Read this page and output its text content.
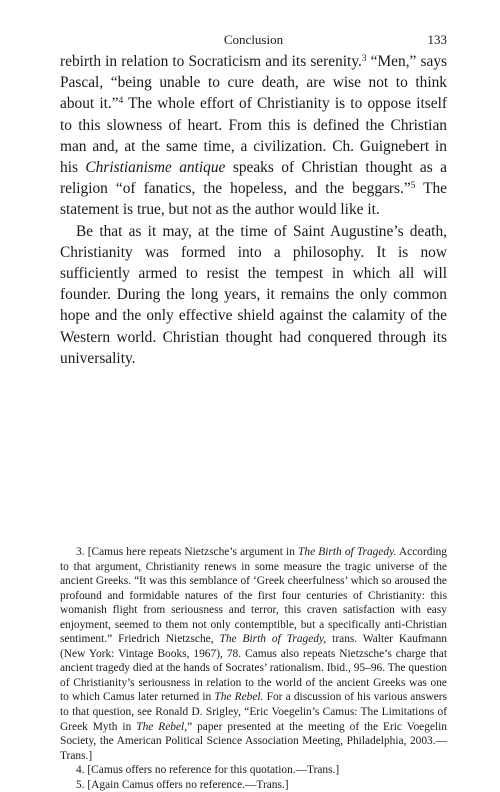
Conclusion	133

rebirth in relation to Socraticism and its serenity.$^3$ “Men,” says Pascal, “being unable to cure death, are wise not to think about it.”$^4$ The whole effort of Christianity is to oppose itself to this slowness of heart. From this is defined the Christian man and, at the same time, a civilization. Ch. Guignebert in his Christianisme antique speaks of Christian thought as a religion “of fanatics, the hopeless, and the beggars.”$^5$ The statement is true, but not as the author would like it.

Be that as it may, at the time of Saint Augustine’s death, Christianity was formed into a philosophy. It is now sufficiently armed to resist the tempest in which all will founder. During the long years, it remains the only common hope and the only effective shield against the calamity of the Western world. Christian thought had conquered through its universality.

3. [Camus here repeats Nietzsche’s argument in The Birth of Tragedy. According to that argument, Christianity renews in some measure the tragic universe of the ancient Greeks. “It was this semblance of ‘Greek cheerfulness’ which so aroused the profound and formidable natures of the first four centuries of Christianity: this womanish flight from seriousness and terror, this craven satisfaction with easy enjoyment, seemed to them not only contemptible, but a specifically anti-Christian sentiment.” Friedrich Nietzsche, The Birth of Tragedy, trans. Walter Kaufmann (New York: Vintage Books, 1967), 78. Camus also repeats Nietzsche’s charge that ancient tragedy died at the hands of Socrates’ rationalism. Ibid., 95–96. The question of Christianity’s seriousness in relation to the world of the ancient Greeks was one to which Camus later returned in The Rebel. For a discussion of his various answers to that question, see Ronald D. Srigley, “Eric Voegelin’s Camus: The Limitations of Greek Myth in The Rebel,” paper presented at the meeting of the Eric Voegelin Society, the American Political Science Association Meeting, Philadelphia, 2003.—Trans.]

4. [Camus offers no reference for this quotation.—Trans.]

5. [Again Camus offers no reference.—Trans.]
